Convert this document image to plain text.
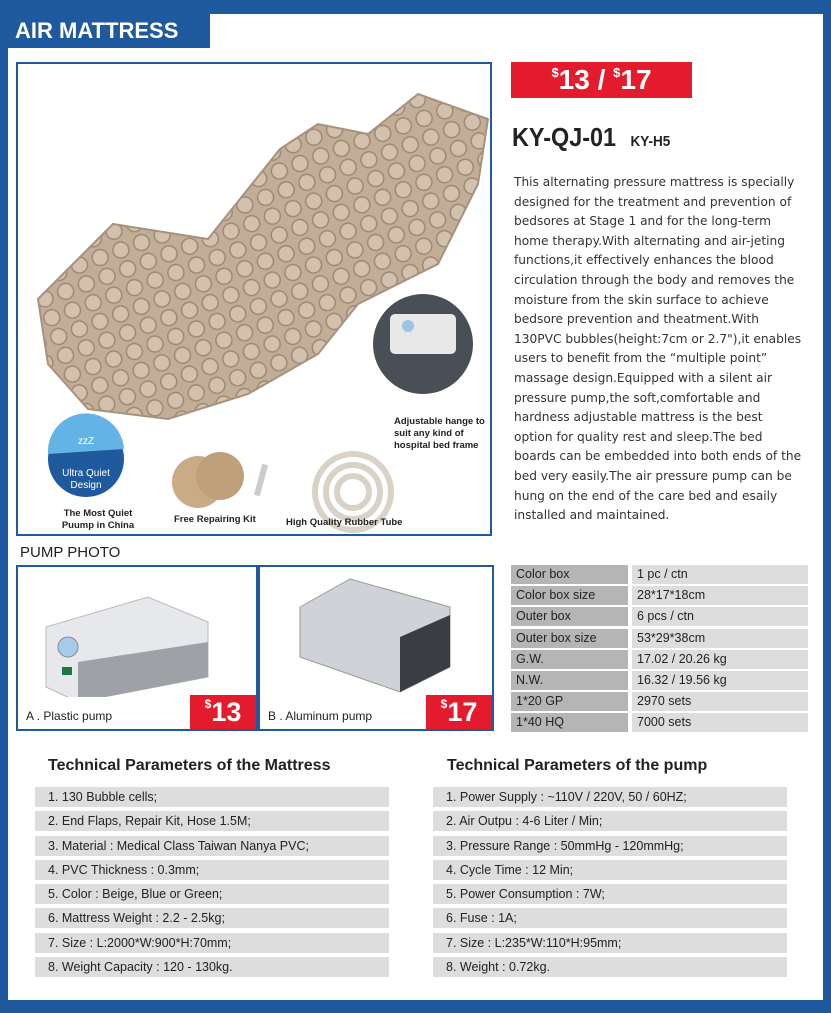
AIR MATTRESS
zzZ
Ultra Quiet
Design
The Most Quiet Puump in China
Free Repairing Kit	High Quality Rubber Tube
Adjustable hange to suit any kind of hospital bed frame
$13 / $17
KY-QJ-01 KY-H5
This alternating pressure mattress is specially designed for the treatment and prevention of bedsores at Stage 1 and for the long-term home therapy.With alternating and air-jeting functions,it effectively enhances the blood circulation through the body and removes the moisture from the skin surface to achieve bedsore prevention and theatment.With 130PVC bubbles(height:7cm or 2.7"),it enables users to benefit from the “multiple point” massage design.Equipped with a silent air pressure pump,the soft,comfortable and hardness adjustable mattress is the best option for quality rest and sleep.The bed boards can be embedded into both ends of the bed very easily.The air pressure pump can be hung on the end of the care bed and esaily installed and maintained.
PUMP PHOTO
A . Plastic pump
$13	B . Aluminum pump
$17
Color box	1 pc / ctn
Color box size	28*17*18cm
Outer box	6 pcs / ctn
Outer box size	53*29*38cm
G.W.	17.02 / 20.26 kg
N.W.	16.32 / 19.56 kg
1*20 GP	2970 sets
1*40 HQ	7000 sets
Technical Parameters of the Mattress
1. 130 Bubble cells;
2. End Flaps, Repair Kit, Hose 1.5M;
3. Material : Medical Class Taiwan Nanya PVC;
4. PVC Thickness : 0.3mm;
5. Color : Beige, Blue or Green;
6. Mattress Weight : 2.2 - 2.5kg;
7. Size : L:2000*W:900*H:70mm;
8. Weight Capacity : 120 - 130kg.
Technical Parameters of the pump
1. Power Supply : ~110V / 220V, 50 / 60HZ;
2. Air Outpu : 4-6 Liter / Min;
3. Pressure Range : 50mmHg - 120mmHg;
4. Cycle Time : 12 Min;
5. Power Consumption : 7W;
6. Fuse : 1A;
7. Size : L:235*W:110*H:95mm;
8. Weight : 0.72kg.
